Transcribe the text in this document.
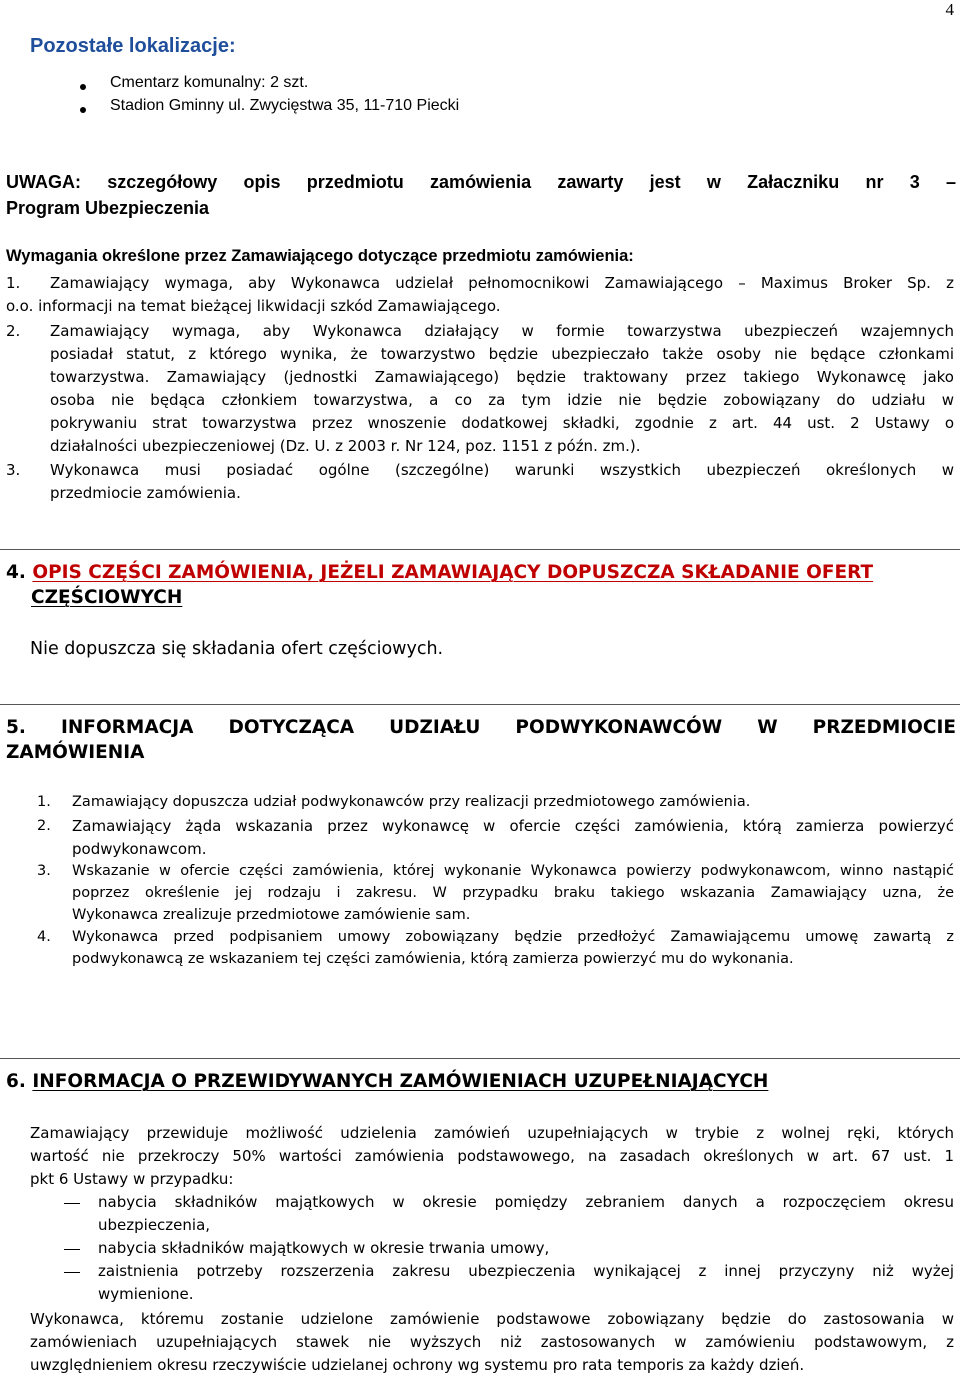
4
Pozostałe lokalizacje:
Cmentarz komunalny: 2 szt.
Stadion Gminny ul. Zwycięstwa 35, 11-710 Piecki
UWAGA: szczegółowy opis przedmiotu zamówienia zawarty jest w Załaczniku nr 3 –
Program Ubezpieczenia
Wymagania określone przez Zamawiającego dotyczące przedmiotu zamówienia:
1. Zamawiający wymaga, aby Wykonawca udzielał pełnomocnikowi Zamawiającego – Maximus Broker Sp. z
o.o. informacji na temat bieżącej likwidacji szkód Zamawiającego.
2. Zamawiający wymaga, aby Wykonawca działający w formie towarzystwa ubezpieczeń wzajemnych
posiadał statut, z którego wynika, że towarzystwo będzie ubezpieczało także osoby nie będące członkami
towarzystwa. Zamawiający (jednostki Zamawiającego) będzie traktowany przez takiego Wykonawcę jako
osoba nie będąca członkiem towarzystwa, a co za tym idzie nie będzie zobowiązany do udziału w
pokrywaniu strat towarzystwa przez wnoszenie dodatkowej składki, zgodnie z art. 44 ust. 2 Ustawy o
działalności ubezpieczeniowej (Dz. U. z 2003 r. Nr 124, poz. 1151 z późn. zm.).
3. Wykonawca musi posiadać ogólne (szczególne) warunki wszystkich ubezpieczeń określonych w
przedmiocie zamówienia.
4. OPIS CZĘŚCI ZAMÓWIENIA, JEŻELI ZAMAWIAJĄCY DOPUSZCZA SKŁADANIE OFERT
CZĘŚCIOWYCH
Nie dopuszcza się składania ofert częściowych.
5. INFORMACJA DOTYCZĄCA UDZIAŁU PODWYKONAWCÓW W PRZEDMIOCIE
ZAMÓWIENIA
1. Zamawiający dopuszcza udział podwykonawców przy realizacji przedmiotowego zamówienia.
2. Zamawiający żąda wskazania przez wykonawcę w ofercie części zamówienia, którą zamierza powierzyć
podwykonawcom.
3. Wskazanie w ofercie części zamówienia, której wykonanie Wykonawca powierzy podwykonawcom, winno nastąpić
poprzez określenie jej rodzaju i zakresu. W przypadku braku takiego wskazania Zamawiający uzna, że
Wykonawca zrealizuje przedmiotowe zamówienie sam.
4. Wykonawca przed podpisaniem umowy zobowiązany będzie przedłożyć Zamawiającemu umowę zawartą z
podwykonawcą ze wskazaniem tej części zamówienia, którą zamierza powierzyć mu do wykonania.
6. INFORMACJA O PRZEWIDYWANYCH ZAMÓWIENIACH UZUPEŁNIAJĄCYCH
Zamawiający przewiduje możliwość udzielenia zamówień uzupełniających w trybie z wolnej ręki, których
wartość nie przekroczy 50% wartości zamówienia podstawowego, na zasadach określonych w art. 67 ust. 1
pkt 6 Ustawy w przypadku:
nabycia składników majątkowych w okresie pomiędzy zebraniem danych a rozpoczęciem okresu
ubezpieczenia,
nabycia składników majątkowych w okresie trwania umowy,
zaistnienia potrzeby rozszerzenia zakresu ubezpieczenia wynikającej z innej przyczyny niż wyżej
wymienione.
Wykonawca, któremu zostanie udzielone zamówienie podstawowe zobowiązany będzie do zastosowania w
zamówieniach uzupełniających stawek nie wyższych niż zastosowanych w zamówieniu podstawowym, z
uwzględnieniem okresu rzeczywiście udzielanej ochrony wg systemu pro rata temporis za każdy dzień.
